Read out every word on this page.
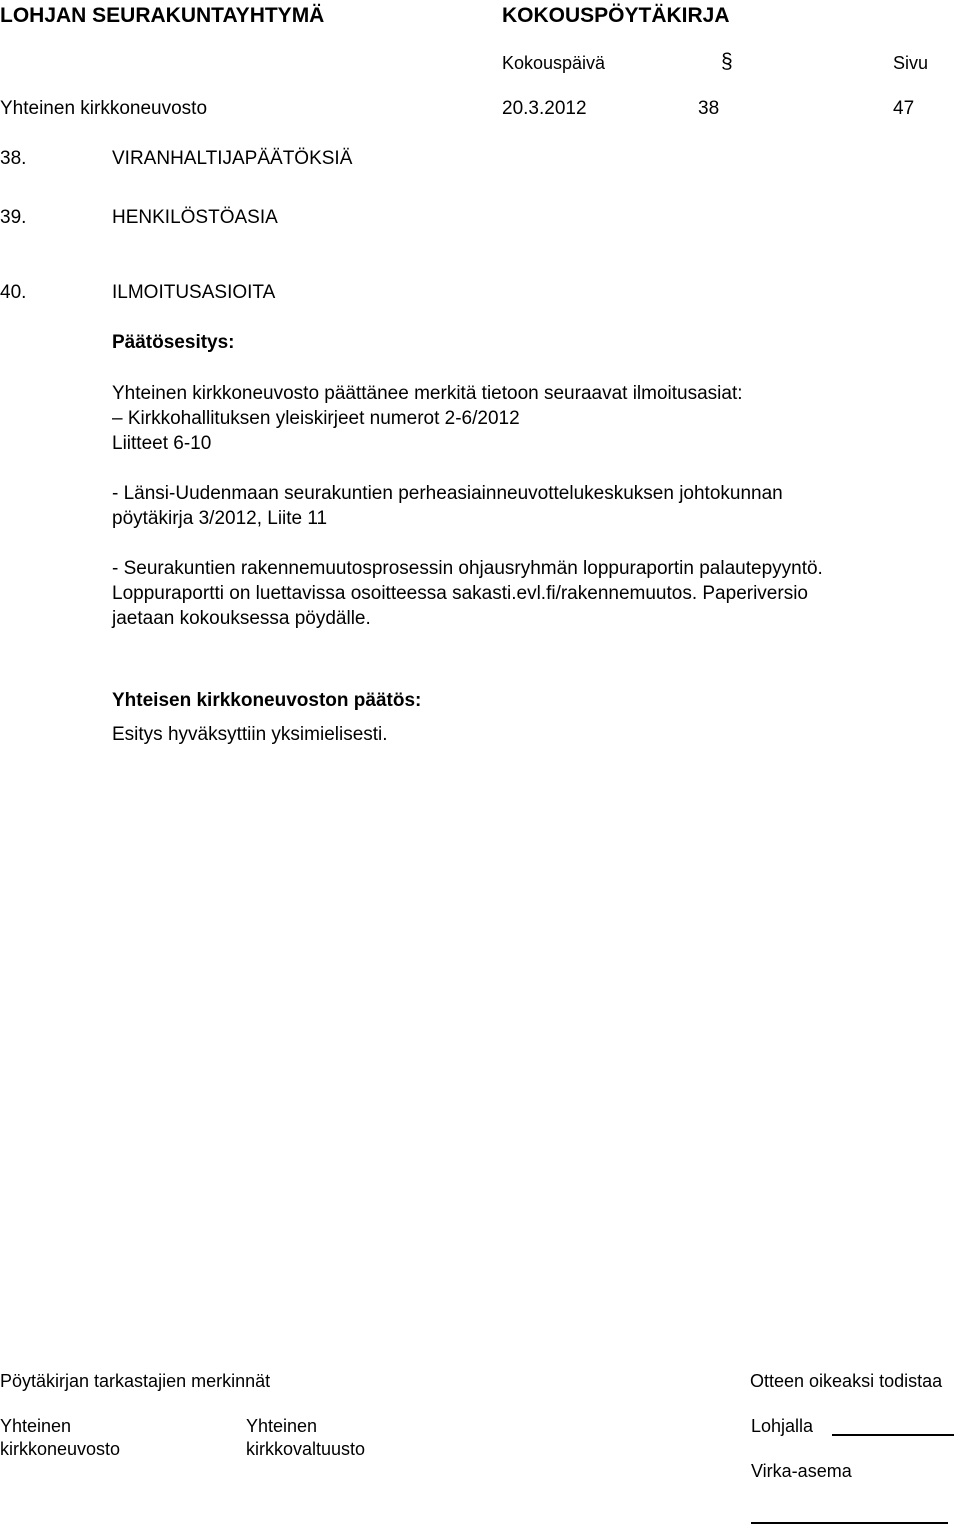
LOHJAN SEURAKUNTAYHTYMÄ	KOKOUSPÖYTÄKIRJA
Kokouspäivä	§	Sivu
Yhteinen kirkkoneuvosto	20.3.2012	38	47
38.	VIRANHALTIJAPÄÄTÖKSIÄ
39.	HENKILÖSTÖASIA
40.	ILMOITUSASIOITA
Päätösesitys:
Yhteinen kirkkoneuvosto päättänee merkitä tietoon seuraavat ilmoitusasiat:
– Kirkkohallituksen yleiskirjeet numerot 2-6/2012
Liitteet 6-10
- Länsi-Uudenmaan seurakuntien perheasiainneuvottelukeskuksen johtokunnan
pöytäkirja 3/2012, Liite 11
- Seurakuntien rakennemuutosprosessin ohjausryhmän loppuraportin palautepyyntö.
Loppuraportti on luettavissa osoitteessa sakasti.evl.fi/rakennemuutos. Paperiversio
jaetaan kokouksessa pöydälle.
Yhteisen kirkkoneuvoston päätös:
Esitys hyväksyttiin yksimielisesti.
Pöytäkirjan tarkastajien merkinnät	Otteen oikeaksi todistaa
Yhteinen
kirkkoneuvosto
Yhteinen
kirkkovaltuusto
Lohjalla
Virka-asema
